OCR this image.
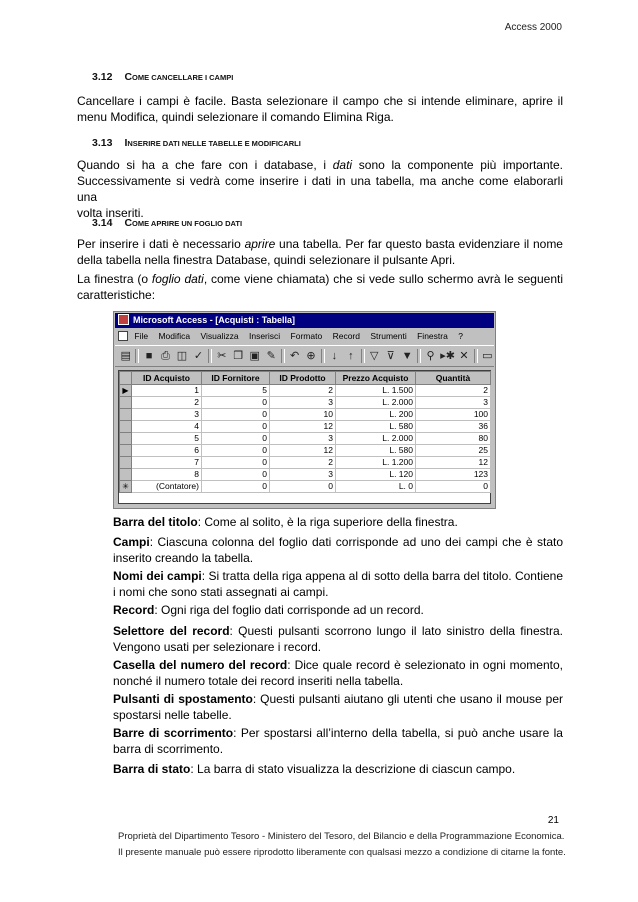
Access 2000
3.12 COME CANCELLARE I CAMPI
Cancellare i campi è facile. Basta selezionare il campo che si intende eliminare, aprire il
menu Modifica, quindi selezionare il comando Elimina Riga.
3.13 INSERIRE DATI NELLE TABELLE E MODIFICARLI
Quando si ha a che fare con i database, i dati sono la componente più importante.
Successivamente si vedrà come inserire i dati in una tabella, ma anche come elaborarli una
volta inseriti.
3.14 COME APRIRE UN FOGLIO DATI
Per inserire i dati è necessario aprire una tabella. Per far questo basta evidenziare il nome
della tabella nella finestra Database, quindi selezionare il pulsante Apri.
La finestra (o foglio dati, come viene chiamata) che si vede sullo schermo avrà le seguenti
caratteristiche:
Microsoft Access - [Acquisti : Tabella]
File Modifica Visualizza Inserisci Formato Record Strumenti Finestra ?
▤	■ ⎙ ◫ ✓ ✂ ❐ ▣ ✎ ↶ ⊕	↓ ↑	▽ ⊽ ▼ ⚲ ▸✱ ✕ ▭
	ID Acquisto	ID Fornitore	ID Prodotto	Prezzo Acquisto	Quantità
▶	1	5	2	L. 1.500	2
	2	0	3	L. 2.000	3
	3	0	10	L. 200	100
	4	0	12	L. 580	36
	5	0	3	L. 2.000	80
	6	0	12	L. 580	25
	7	0	2	L. 1.200	12
	8	0	3	L. 120	123
✳	(Contatore)	0	0	L. 0	0

Barra del titolo: Come al solito, è la riga superiore della finestra.

Campi: Ciascuna colonna del foglio dati corrisponde ad uno dei campi che è stato inserito creando la tabella.

Nomi dei campi: Si tratta della riga appena al di sotto della barra del titolo. Contiene i nomi che sono stati assegnati ai campi.

Record: Ogni riga del foglio dati corrisponde ad un record.

Selettore del record: Questi pulsanti scorrono lungo il lato sinistro della finestra. Vengono usati per selezionare i record.

Casella del numero del record: Dice quale record è selezionato in ogni momento, nonché il numero totale dei record inseriti nella tabella.

Pulsanti di spostamento: Questi pulsanti aiutano gli utenti che usano il mouse per spostarsi nelle tabelle.

Barre di scorrimento: Per spostarsi all’interno della tabella, si può anche usare la barra di scorrimento.

Barra di stato: La barra di stato visualizza la descrizione di ciascun campo.

21
Proprietà del Dipartimento Tesoro - Ministero del Tesoro, del Bilancio e della Programmazione Economica.
Il presente manuale può essere riprodotto liberamente con qualsasi mezzo a condizione di citarne la fonte.
